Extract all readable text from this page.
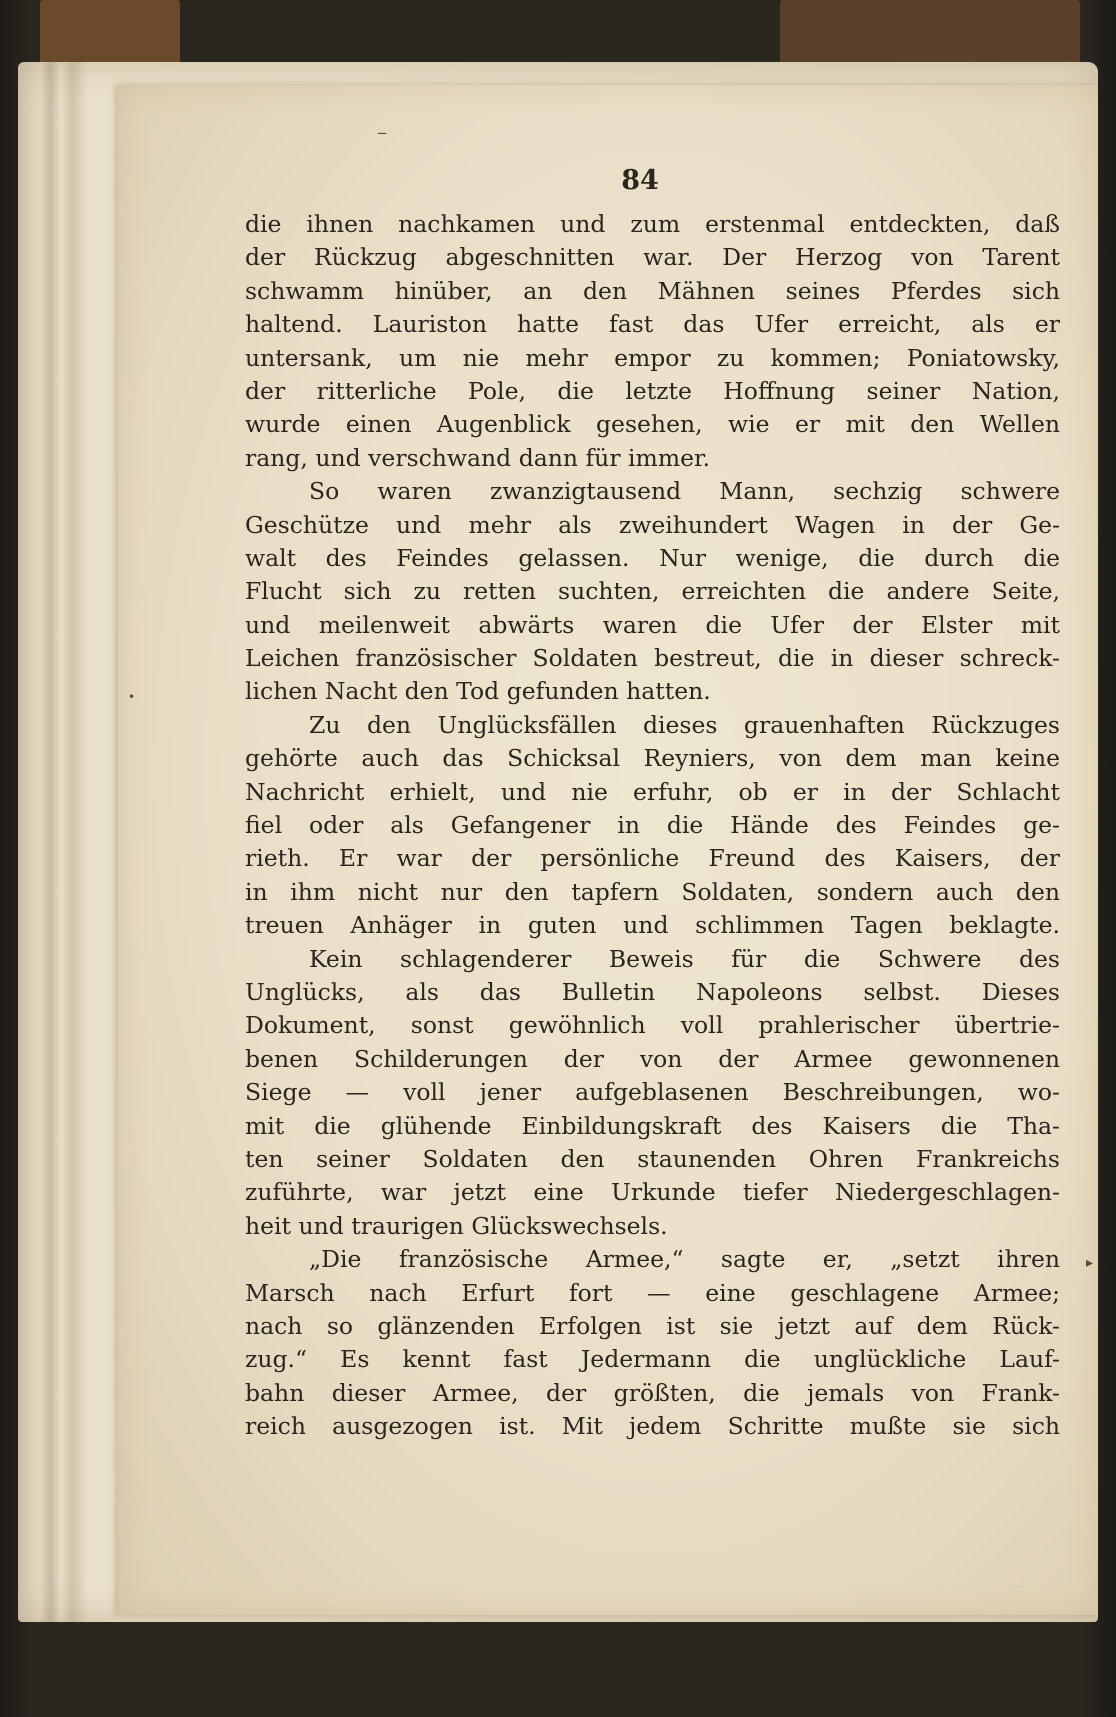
‾
•
▸
84
die ihnen nachkamen und zum erstenmal entdeckten, daß
der Rückzug abgeschnitten war. Der Herzog von Tarent
schwamm hinüber, an den Mähnen seines Pferdes sich
haltend. Lauriston hatte fast das Ufer erreicht, als er
untersank, um nie mehr empor zu kommen; Poniatowsky,
der ritterliche Pole, die letzte Hoffnung seiner Nation,
wurde einen Augenblick gesehen, wie er mit den Wellen
rang, und verschwand dann für immer.
So waren zwanzigtausend Mann, sechzig schwere
Geschütze und mehr als zweihundert Wagen in der Ge-
walt des Feindes gelassen. Nur wenige, die durch die
Flucht sich zu retten suchten, erreichten die andere Seite,
und meilenweit abwärts waren die Ufer der Elster mit
Leichen französischer Soldaten bestreut, die in dieser schreck-
lichen Nacht den Tod gefunden hatten.
Zu den Unglücksfällen dieses grauenhaften Rückzuges
gehörte auch das Schicksal Reyniers, von dem man keine
Nachricht erhielt, und nie erfuhr, ob er in der Schlacht
fiel oder als Gefangener in die Hände des Feindes ge-
rieth. Er war der persönliche Freund des Kaisers, der
in ihm nicht nur den tapfern Soldaten, sondern auch den
treuen Anhäger in guten und schlimmen Tagen beklagte.
Kein schlagenderer Beweis für die Schwere des
Unglücks, als das Bulletin Napoleons selbst. Dieses
Dokument, sonst gewöhnlich voll prahlerischer übertrie-
benen Schilderungen der von der Armee gewonnenen
Siege — voll jener aufgeblasenen Beschreibungen, wo-
mit die glühende Einbildungskraft des Kaisers die Tha-
ten seiner Soldaten den staunenden Ohren Frankreichs
zuführte, war jetzt eine Urkunde tiefer Niedergeschlagen-
heit und traurigen Glückswechsels.
„Die französische Armee,“ sagte er, „setzt ihren
Marsch nach Erfurt fort — eine geschlagene Armee;
nach so glänzenden Erfolgen ist sie jetzt auf dem Rück-
zug.“ Es kennt fast Jedermann die unglückliche Lauf-
bahn dieser Armee, der größten, die jemals von Frank-
reich ausgezogen ist. Mit jedem Schritte mußte sie sich
